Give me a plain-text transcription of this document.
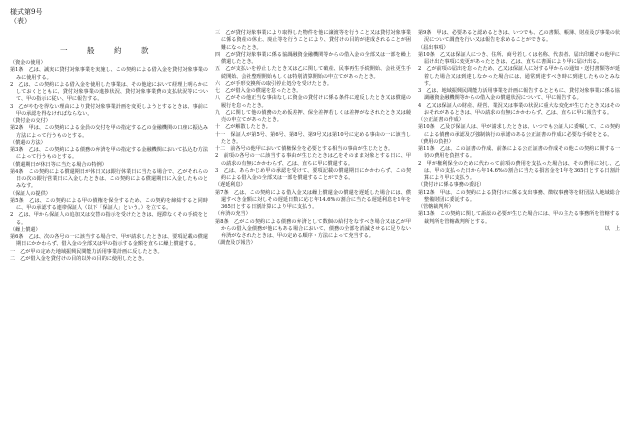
様式第9号
（表）
一　般　約　款

（資金の使用）

第1条　乙は、誠実に貸付対象事業を実施し、この契約による借入金を貸付対象事業のみに使用する。

2　乙は、この契約による借入金を使用した事業は、その他途において経理上明らかにしておくとともに、貸付対象事業の進捗状況、貸付対象事業費の支払状況等について、甲の指示に従い、甲に報告する。

3　乙がやむを得ない理由により貸付対象事業計画を変更しようとするときは、事前に甲の承認を得なければならない。

（貸付金の交付）

第2条　甲は、この契約による金員の交付を甲の指定する乙の金融機関の口座に振込み方法によって行うものとする。

（償還の方法）

第3条　乙は、この契約による債務の弁済を甲の指定する金融機関において払込む方法によって行うものとする。

（償還期日が休日等に当たる場合の特例）

第4条　この契約による償還期日が休日又は銀行休業日に当たる場合で、乙がそれらの日の次の銀行営業日に入金したときは、この契約による償還期日に入金したものとみなす。

（保証人の提供）

第5条　乙は、この契約による甲の債権を保全するため、この契約を締結すると同時に、甲の承認する連帯保証人（以下「保証人」という。）を立てる。

2　乙は、甲から保証人の追加又は交替の指示を受けたときは、遅滞なくその手続をとる。

（繰上償還）

第6条　乙は、次の各号の一に該当する場合で、甲が請求したときは、要項記載の償還期日にかかわらず、借入金の全部又は甲の指示する金額を直ちに繰上償還する。

一　乙が甲の定めた地域振興民間能力活用事業計画に反したとき。

二　乙が借入金を貸付けの目的以外の目的に使用したとき。

三　乙が貸付対象事業により取得した物件を他に譲渡等を行うこと又は貸付対象事業に係る資産の休止、廃止等を行うことにより、貸付けの目的が達成されることが困難になったとき。

四　乙が貸付対象事業に係る協調融資金融機関等からの借入金の全部又は一部を繰上償還したとき。

五　乙が支払いを停止したとき又は乙に関して破産、民事再生手続開始、会社更生手続開始、会社整理開始もしくは特別清算開始の申立てがあったとき。

六　乙が手形交換所の取引停止処分を受けたとき。

七　乙が借入金の償還を怠ったとき。

八　乙がその他正当な事由なしに資金の貸付けに係る条件に違反したとき又は償還の履行を怠ったとき。

九　乙に関して他の債務のため仮差押、保全差押若しくは差押がなされたとき又は競売の申立てがあったとき。

十　乙が解散したとき。

十一　保証人が第5号、第6号、第8号、第9号又は第10号に定める事由の一に該当したとき。

十二　前各号の他甲において債権保全を必要とする相当の事由が生じたとき。

2　前項の各号の一に該当する事由が生じたときは乙をそのまま対象とする日に、甲の請求の有無にかかわらず、乙は、直ちに甲に償還する。

3　乙は、あらかじめ甲の承認を受けて、要項記載の償還期日にかかわらず、この契約による借入金の全部又は一部を償還することができる。

（遅延利息）

第7条　乙は、この契約による借入金又は繰上償還金の償還を遅延した場合には、償還すべき金額に対しその遅延日数に応じ年14.6%の割合に当たる遅延利息を1年を365日とする日割計算により甲に支払う。

（弁済の充当）

第8条　乙がこの契約による債務の弁済として数個の給付をなすべき場合又は乙が甲からの借入金債務が他にもある場合において、債務の全部を消滅させるに足りない弁済がなされたときは、甲の定める順序・方法によって充当する。

（調査及び報告）

第9条　甲は、必要あると認めるときは、いつでも、乙の書類、帳簿、財産及び事業の状況について調査を行い又は報告を求めることができる。

（届出事項）

第10条　乙又は保証人につき、住所、商号若しくは名称、代表者、届出印鑑その他甲に届け出た事項に変更があったときは、乙は、直ちに書面により甲に届け出る。

2　乙が前項の届出を怠ったため、乙又は保証人に対する甲からの通知・送付書類等が延着した場合又は到達しなかった場合には、通常到達すべき時に到達したものとみなす。

3　乙は、地域振興民間能力活用事業を計画に報告するとともに、貸付対象事業に係る協調融資金融機関等からの借入金の償還状況について、甲に報告する。

4　乙又は保証人の財産、経営、業況又は事業の状況に重大な変化が生じたとき又はそのおそれがあるときは、甲の請求の有無にかかわらず、乙は、直ちに甲に報告する。

（公正証書の作成）

第10条　乙及び保証人は、甲が請求したときは、いつでも公証人に委嘱して、この契約による債務の承認及び強制執行の承諾のある公正証書の作成に必要な手続をとる。

（費用の負担）

第11条　乙は、この証書の作成、前条による公正証書の作成その他この契約に関する一切の費用を負担する。

2　甲が権利保全のために代わって前項の費用を支払った場合は、その費用に対し、乙は、甲の支払った日から年14.6%の割合に当たる損害金を1年を365日とする日割計算により甲に支払う。

（貸付けに係る事務の委託）

第12条　甲は、この契約による貸付けに係る支出事務、徴収事務等を財団法人地域総合整備財団に委託する。

（管轄裁判所）

第13条　この契約に関して訴訟の必要が生じた場合には、甲の主たる事務所を管轄する裁判所を管轄裁判所とする。

以　上
